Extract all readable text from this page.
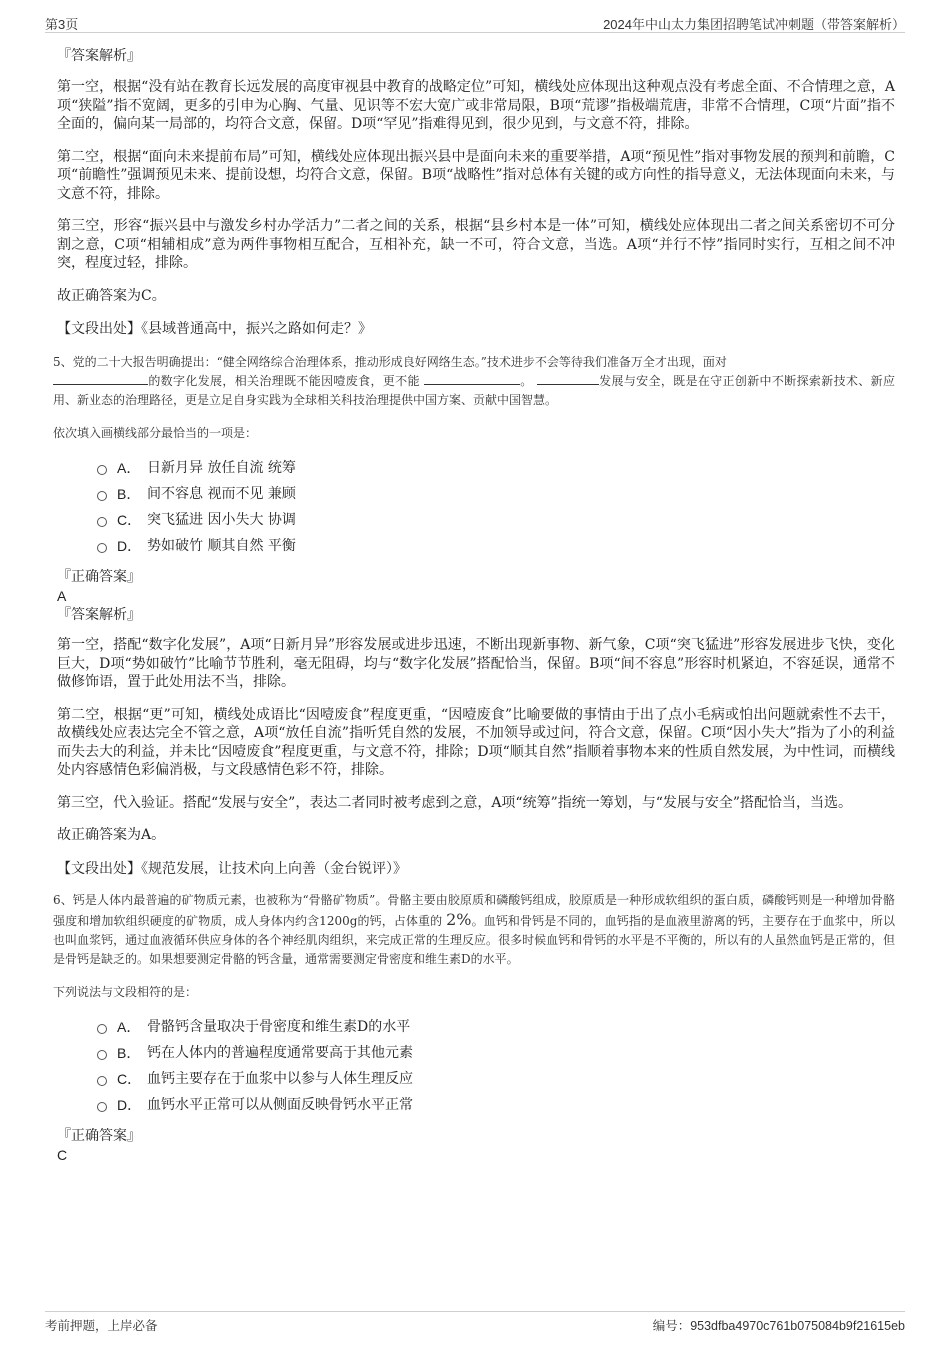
第3页	2024年中山太力集团招聘笔试冲刺题（带答案解析）

『答案解析』

第一空，根据“没有站在教育长远发展的高度审视县中教育的战略定位”可知，横线处应体现出这种观点没有考虑全面、不合情理之意，A项“狭隘”指不宽阔，更多的引申为心胸、气量、见识等不宏大宽广或非常局限，B项“荒谬”指极端荒唐，非常不合情理，C项“片面”指不全面的，偏向某一局部的，均符合文意，保留。D项“罕见”指难得见到，很少见到，与文意不符，排除。

第二空，根据“面向未来提前布局”可知，横线处应体现出振兴县中是面向未来的重要举措，A项“预见性”指对事物发展的预判和前瞻，C项“前瞻性”强调预见未来、提前设想，均符合文意，保留。B项“战略性”指对总体有关键的或方向性的指导意义，无法体现面向未来，与文意不符，排除。

第三空，形容“振兴县中与激发乡村办学活力”二者之间的关系，根据“县乡村本是一体”可知，横线处应体现出二者之间关系密切不可分割之意，C项“相辅相成”意为两件事物相互配合，互相补充，缺一不可，符合文意，当选。A项“并行不悖”指同时实行，互相之间不冲突，程度过轻，排除。

故正确答案为C。

【文段出处】《县域普通高中，振兴之路如何走？》

5、党的二十大报告明确提出：“健全网络综合治理体系，推动形成良好网络生态。”技术进步不会等待我们准备万全才出现，面对
的数字化发展，相关治理既不能因噎废食，更不能	。	发展与安全，既是在守正创新中不断探索新技术、新应用、新业态的治理路径，更是立足自身实践为全球相关科技治理提供中国方案、贡献中国智慧。

依次填入画横线部分最恰当的一项是：

A． 日新月异 放任自流 统筹
B． 间不容息 视而不见 兼顾
C． 突飞猛进 因小失大 协调
D． 势如破竹 顺其自然 平衡

『正确答案』

A

『答案解析』

第一空，搭配“数字化发展”，A项“日新月异”形容发展或进步迅速，不断出现新事物、新气象，C项“突飞猛进”形容发展进步飞快，变化巨大，D项“势如破竹”比喻节节胜利，毫无阻碍，均与“数字化发展”搭配恰当，保留。B项“间不容息”形容时机紧迫，不容延误，通常不做修饰语，置于此处用法不当，排除。

第二空，根据“更”可知，横线处成语比“因噎废食”程度更重，“因噎废食”比喻要做的事情由于出了点小毛病或怕出问题就索性不去干，故横线处应表达完全不管之意，A项“放任自流”指听凭自然的发展，不加领导或过问，符合文意，保留。C项“因小失大”指为了小的利益而失去大的利益，并未比“因噎废食”程度更重，与文意不符，排除；D项“顺其自然”指顺着事物本来的性质自然发展，为中性词，而横线处内容感情色彩偏消极，与文段感情色彩不符，排除。

第三空，代入验证。搭配“发展与安全”，表达二者同时被考虑到之意，A项“统筹”指统一筹划，与“发展与安全”搭配恰当，当选。

故正确答案为A。

【文段出处】《规范发展，让技术向上向善（金台锐评）》

6、钙是人体内最普遍的矿物质元素，也被称为“骨骼矿物质”。骨骼主要由胶原质和磷酸钙组成，胶原质是一种形成软组织的蛋白质，磷酸钙则是一种增加骨骼强度和增加软组织硬度的矿物质，成人身体内约含1200g的钙，占体重的 2%。血钙和骨钙是不同的，血钙指的是血液里游离的钙，主要存在于血浆中，所以也叫血浆钙，通过血液循环供应身体的各个神经肌肉组织，来完成正常的生理反应。很多时候血钙和骨钙的水平是不平衡的，所以有的人虽然血钙是正常的，但是骨钙是缺乏的。如果想要测定骨骼的钙含量，通常需要测定骨密度和维生素D的水平。

下列说法与文段相符的是：

A． 骨骼钙含量取决于骨密度和维生素D的水平
B． 钙在人体内的普遍程度通常要高于其他元素
C． 血钙主要存在于血浆中以参与人体生理反应
D． 血钙水平正常可以从侧面反映骨钙水平正常

『正确答案』

C

考前押题，上岸必备	编号：953dfba4970c761b075084b9f21615eb
